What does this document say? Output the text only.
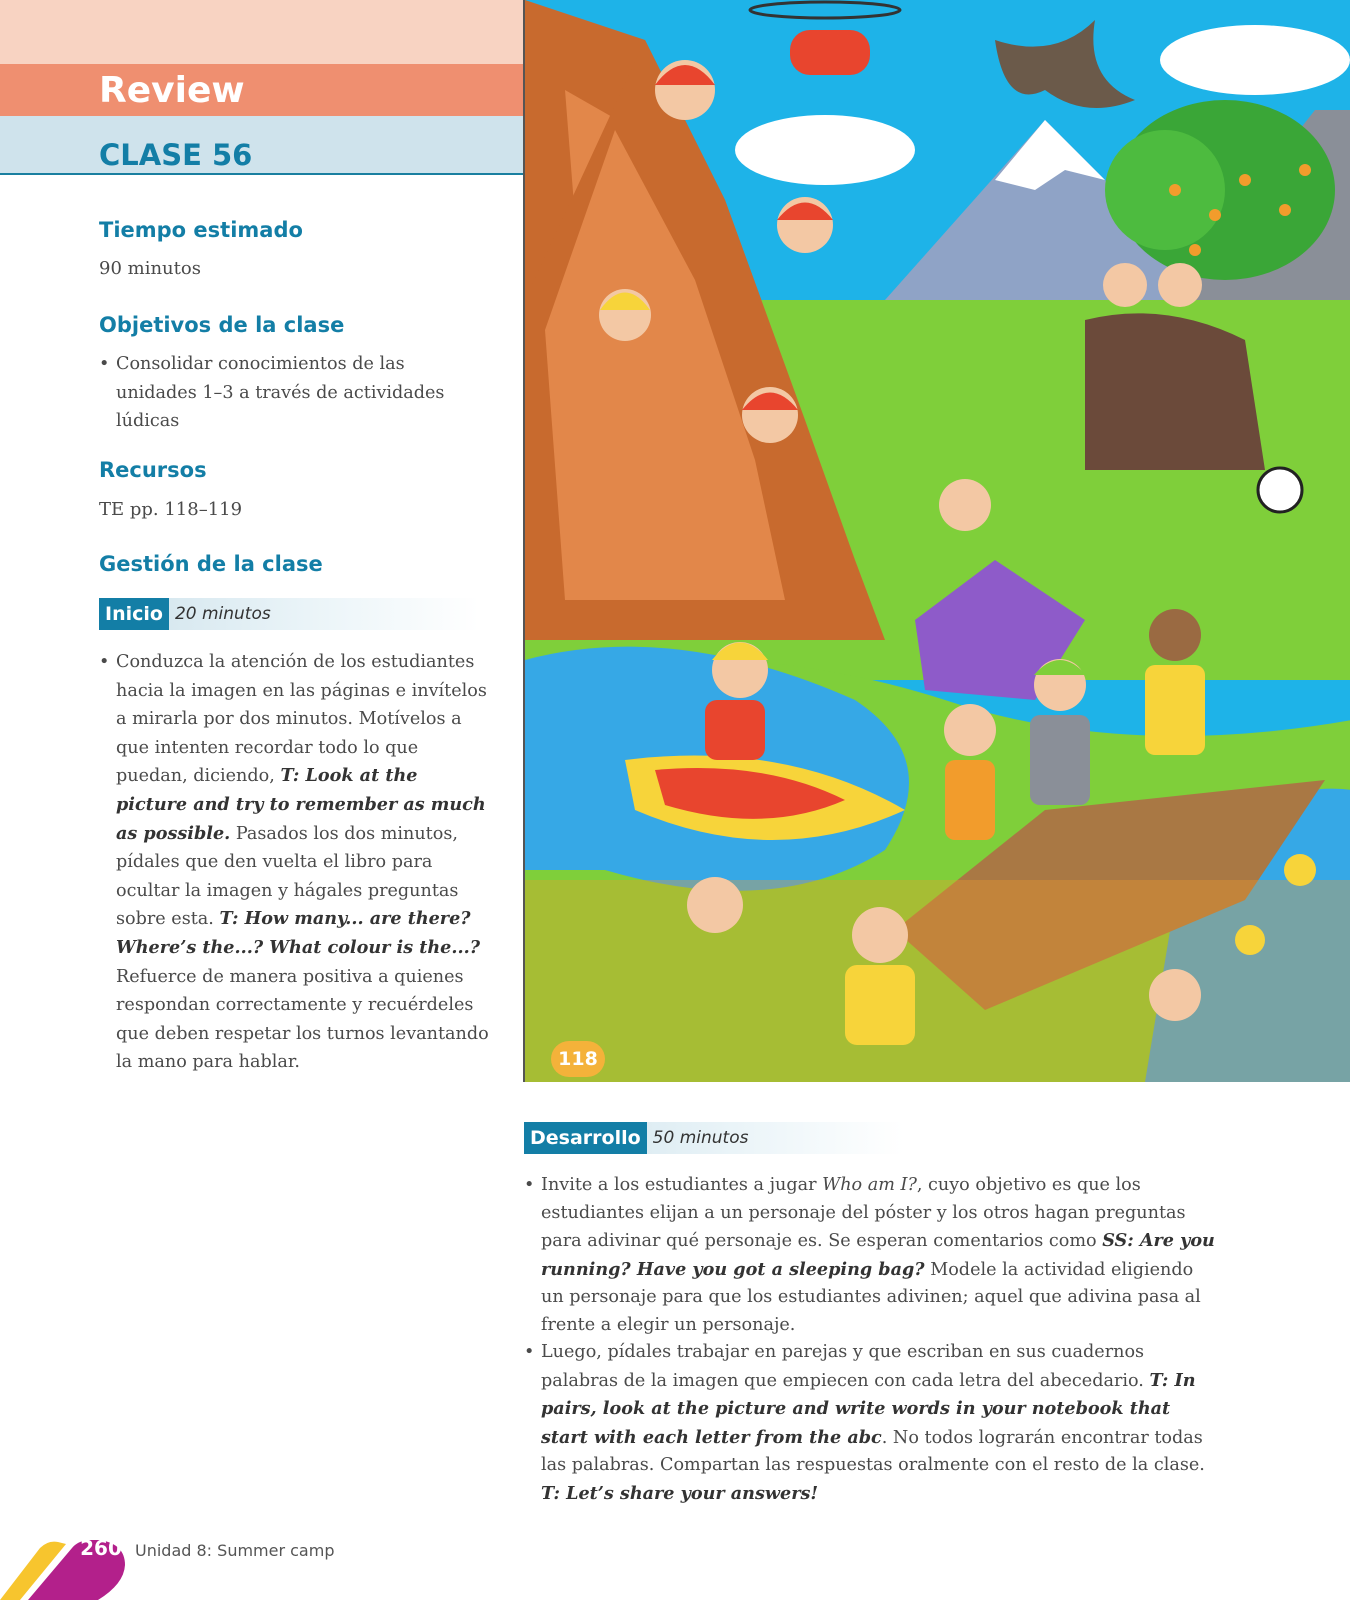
Review
CLASE 56
Tiempo estimado
90 minutos
Objetivos de la clase
• Consolidar conocimientos de las unidades 1–3 a través de actividades lúdicas
Recursos
TE pp. 118–119
Gestión de la clase
Inicio 20 minutos
• Conduzca la atención de los estudiantes hacia la imagen en las páginas e invítelos a mirarla por dos minutos. Motívelos a que intenten recordar todo lo que puedan, diciendo, T: Look at the picture and try to remember as much as possible. Pasados los dos minutos, pídales que den vuelta el libro para ocultar la imagen y hágales preguntas sobre esta. T: How many... are there? Where’s the...? What colour is the...? Refuerce de manera positiva a quienes respondan correctamente y recuérdeles que deben respetar los turnos levantando la mano para hablar.	118
Desarrollo 50 minutos
• Invite a los estudiantes a jugar Who am I?, cuyo objetivo es que los estudiantes elijan a un personaje del póster y los otros hagan preguntas para adivinar qué personaje es. Se esperan comentarios como SS: Are you running? Have you got a sleeping bag? Modele la actividad eligiendo un personaje para que los estudiantes adivinen; aquel que adivina pasa al frente a elegir un personaje.
• Luego, pídales trabajar en parejas y que escriban en sus cuadernos palabras de la imagen que empiecen con cada letra del abecedario. T: In pairs, look at the picture and write words in your notebook that start with each letter from the abc. No todos lograrán encontrar todas las palabras. Compartan las respuestas oralmente con el resto de la clase. T: Let’s share your answers!
260 Unidad 8: Summer camp
